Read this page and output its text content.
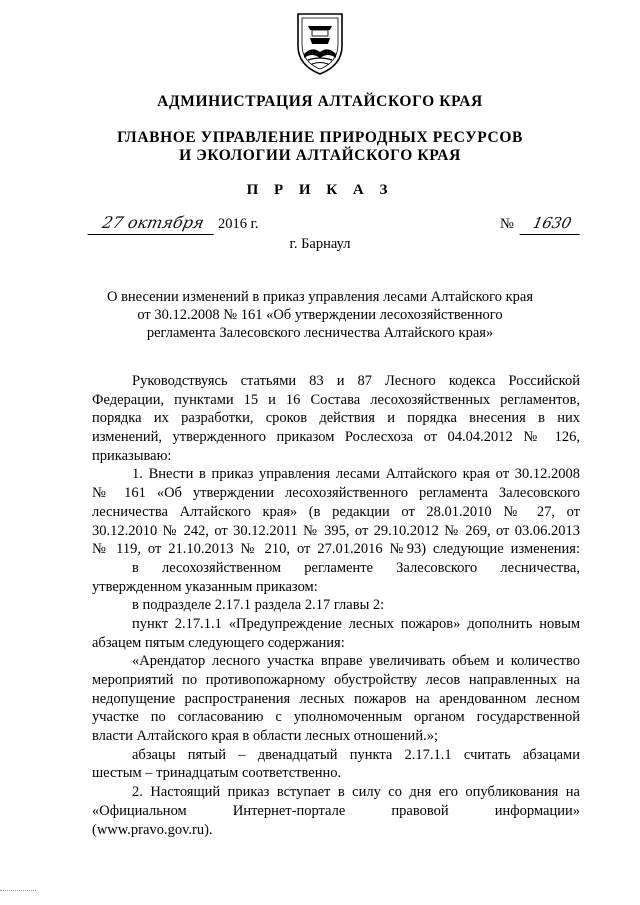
АДМИНИСТРАЦИЯ АЛТАЙСКОГО КРАЯ
ГЛАВНОЕ УПРАВЛЕНИЕ ПРИРОДНЫХ РЕСУРСОВ
И ЭКОЛОГИИ АЛТАЙСКОГО КРАЯ
П Р И К А З
27 октября 2016 г.	№	1630
г. Барнаул
О внесении изменений в приказ управления лесами Алтайского края
от 30.12.2008 № 161 «Об утверждении лесохозяйственного
регламента Залесовского лесничества Алтайского края»
Руководствуясь статьями 83 и 87 Лесного кодекса Российской
Федерации, пунктами 15 и 16 Состава лесохозяйственных регламентов,
порядка их разработки, сроков действия и порядка внесения в них
изменений, утвержденного приказом Рослесхоза от 04.04.2012 № 126,
приказываю:
1. Внести в приказ управления лесами Алтайского края от 30.12.2008
№ 161 «Об утверждении лесохозяйственного регламента Залесовского
лесничества Алтайского края» (в редакции от 28.01.2010 № 27, от
30.12.2010 № 242, от 30.12.2011 № 395, от 29.10.2012 № 269, от 03.06.2013
№ 119, от 21.10.2013 № 210, от 27.01.2016 №93) следующие изменения:
в лесохозяйственном регламенте Залесовского лесничества,
утвержденном указанным приказом:
в подразделе 2.17.1 раздела 2.17 главы 2:
пункт 2.17.1.1 «Предупреждение лесных пожаров» дополнить новым
абзацем пятым следующего содержания:
«Арендатор лесного участка вправе увеличивать объем и количество
мероприятий по противопожарному обустройству лесов направленных на
недопущение распространения лесных пожаров на арендованном лесном
участке по согласованию с уполномоченным органом государственной
власти Алтайского края в области лесных отношений.»;
абзацы пятый – двенадцатый пункта 2.17.1.1 считать абзацами
шестым – тринадцатым соответственно.
2. Настоящий приказ вступает в силу со дня его опубликования на
«Официальном Интернет-портале правовой информации»
(www.pravo.gov.ru).
